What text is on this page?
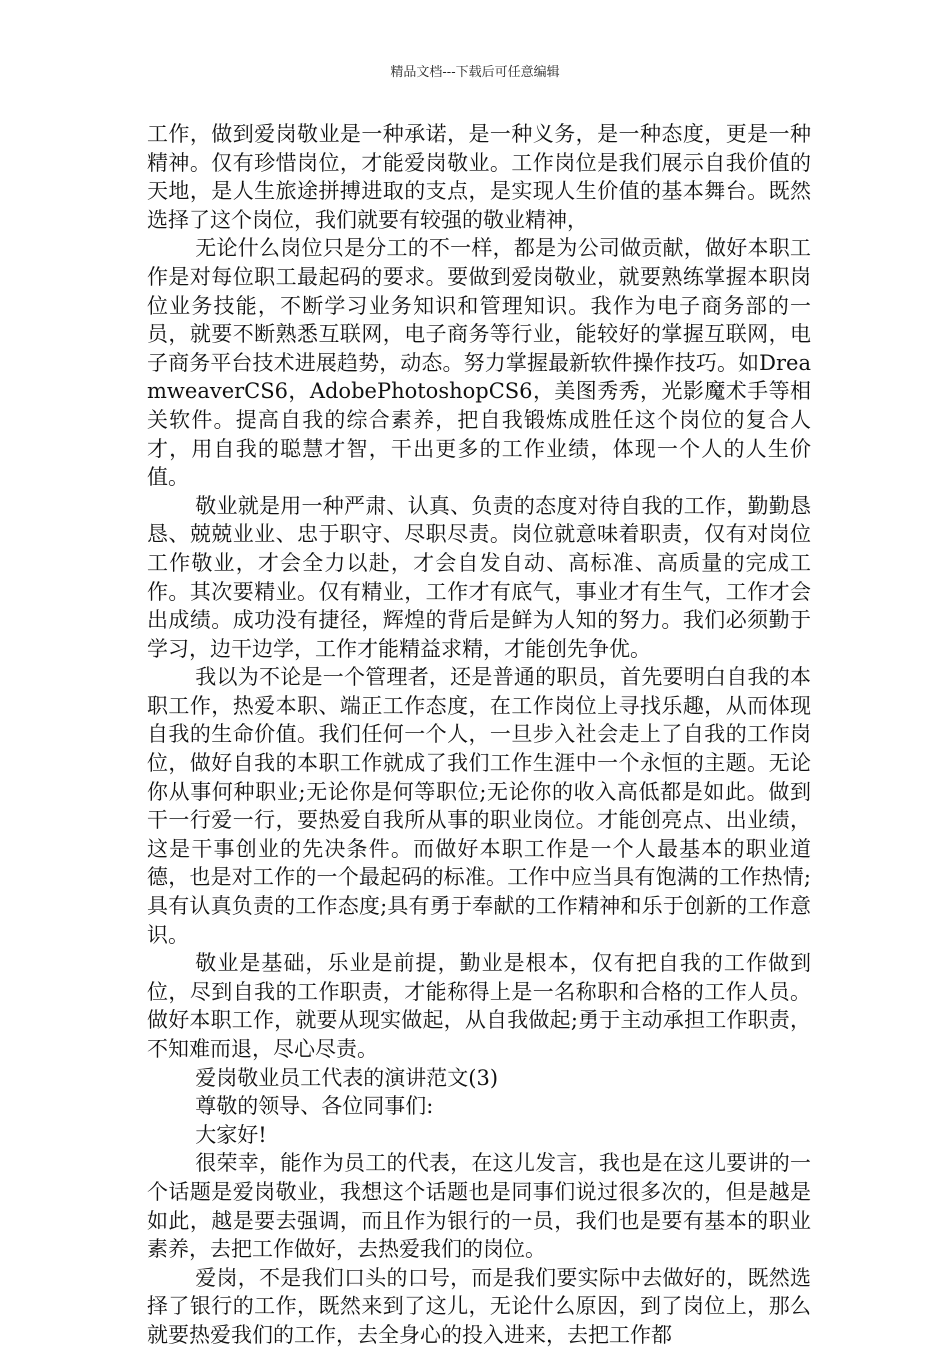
精品文档---下载后可任意编辑

工作，做到爱岗敬业是一种承诺，是一种义务，是一种态度，更是一种精神。仅有珍惜岗位，才能爱岗敬业。工作岗位是我们展示自我价值的天地，是人生旅途拼搏进取的支点，是实现人生价值的基本舞台。既然选择了这个岗位，我们就要有较强的敬业精神，

无论什么岗位只是分工的不一样，都是为公司做贡献，做好本职工作是对每位职工最起码的要求。要做到爱岗敬业，就要熟练掌握本职岗位业务技能，不断学习业务知识和管理知识。我作为电子商务部的一员，就要不断熟悉互联网，电子商务等行业，能较好的掌握互联网，电子商务平台技术进展趋势，动态。努力掌握最新软件操作技巧。如DreamweaverCS6，AdobePhotoshopCS6，美图秀秀，光影魔术手等相关软件。提高自我的综合素养，把自我锻炼成胜任这个岗位的复合人才，用自我的聪慧才智，干出更多的工作业绩，体现一个人的人生价值。

敬业就是用一种严肃、认真、负责的态度对待自我的工作，勤勤恳恳、兢兢业业、忠于职守、尽职尽责。岗位就意味着职责，仅有对岗位工作敬业，才会全力以赴，才会自发自动、高标准、高质量的完成工作。其次要精业。仅有精业，工作才有底气，事业才有生气，工作才会出成绩。成功没有捷径，辉煌的背后是鲜为人知的努力。我们必须勤于学习，边干边学，工作才能精益求精，才能创先争优。

我以为不论是一个管理者，还是普通的职员，首先要明白自我的本职工作，热爱本职、端正工作态度，在工作岗位上寻找乐趣，从而体现自我的生命价值。我们任何一个人，一旦步入社会走上了自我的工作岗位，做好自我的本职工作就成了我们工作生涯中一个永恒的主题。无论你从事何种职业;无论你是何等职位;无论你的收入高低都是如此。做到干一行爱一行，要热爱自我所从事的职业岗位。才能创亮点、出业绩，这是干事创业的先决条件。而做好本职工作是一个人最基本的职业道德，也是对工作的一个最起码的标准。工作中应当具有饱满的工作热情;具有认真负责的工作态度;具有勇于奉献的工作精神和乐于创新的工作意识。

敬业是基础，乐业是前提，勤业是根本，仅有把自我的工作做到位，尽到自我的工作职责，才能称得上是一名称职和合格的工作人员。做好本职工作，就要从现实做起，从自我做起;勇于主动承担工作职责，不知难而退，尽心尽责。

爱岗敬业员工代表的演讲范文(3)

尊敬的领导、各位同事们:

大家好!

很荣幸，能作为员工的代表，在这儿发言，我也是在这儿要讲的一个话题是爱岗敬业，我想这个话题也是同事们说过很多次的，但是越是如此，越是要去强调，而且作为银行的一员，我们也是要有基本的职业素养，去把工作做好，去热爱我们的岗位。

爱岗，不是我们口头的口号，而是我们要实际中去做好的，既然选择了银行的工作，既然来到了这儿，无论什么原因，到了岗位上，那么就要热爱我们的工作，去全身心的投入进来，去把工作都
